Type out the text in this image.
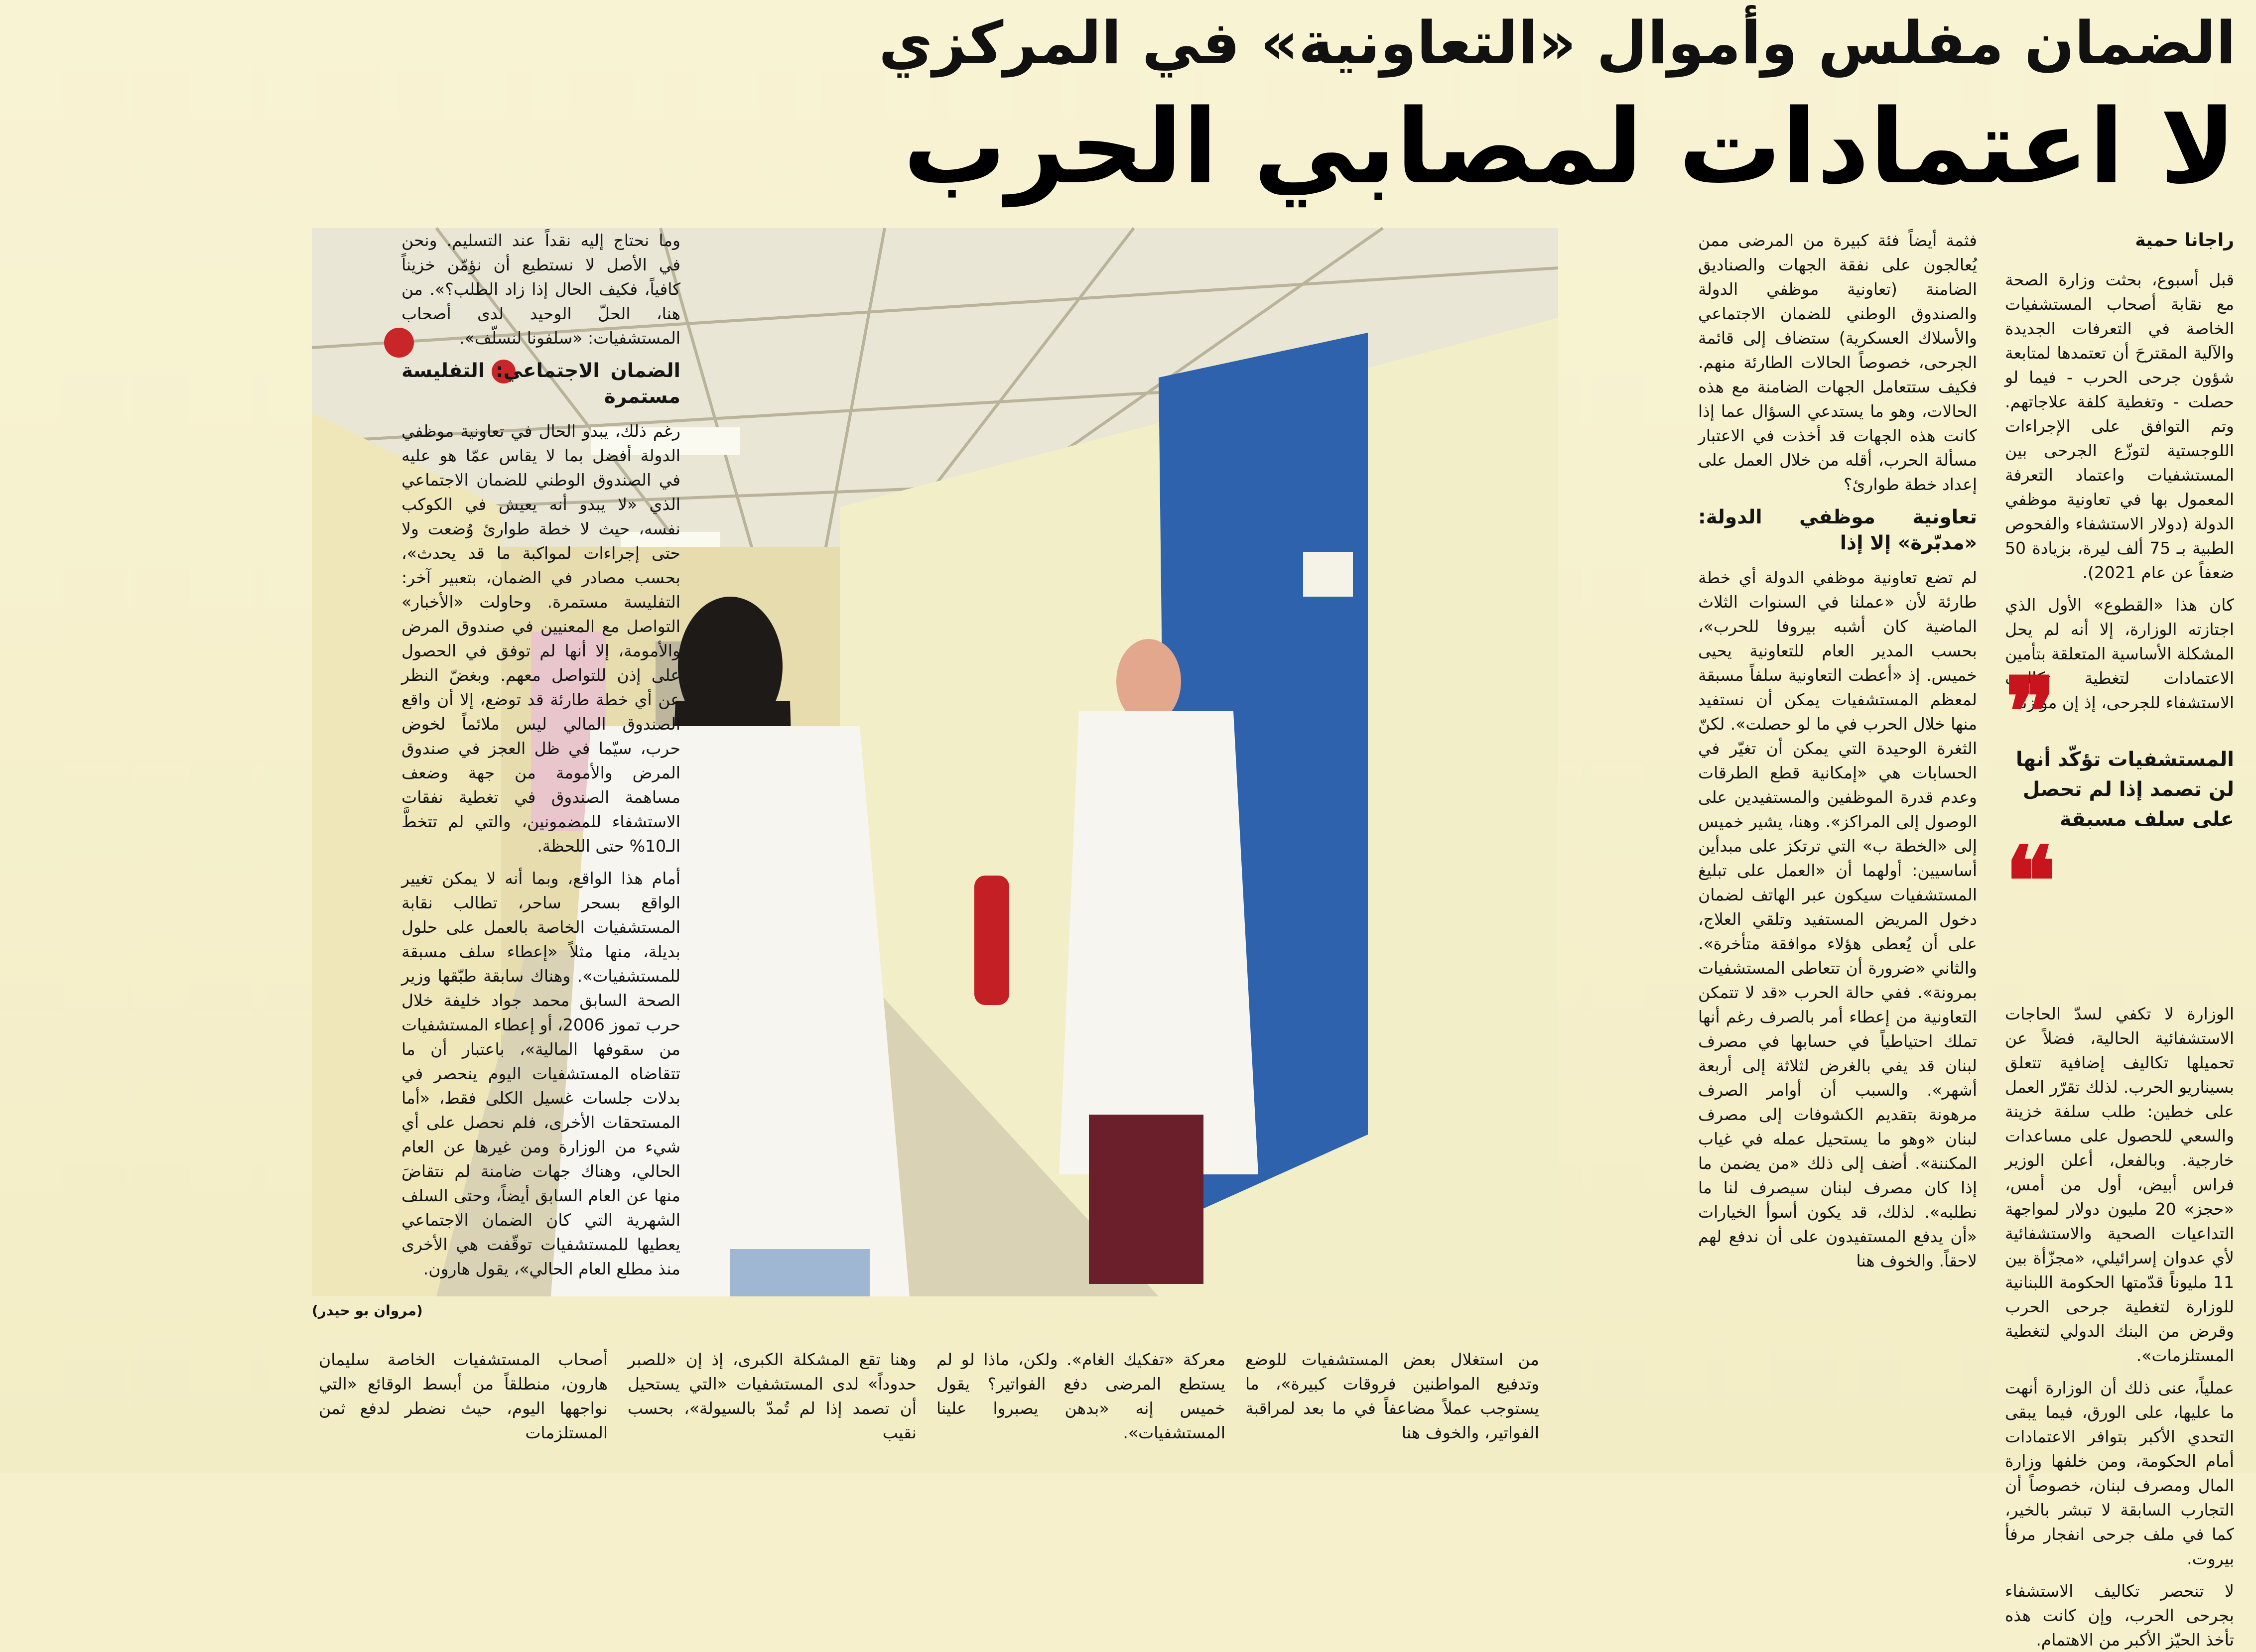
الضمان مفلس وأموال «التعاونية» في المركزي
لا اعتمادات لمصابي الحرب
راجانا حمية

قبل أسبوع، بحثت وزارة الصحة مع نقابة أصحاب المستشفيات الخاصة في التعرفات الجديدة والآلية المقترحَ أن تعتمدها لمتابعة شؤون جرحى الحرب - فيما لو حصلت - وتغطية كلفة علاجاتهم. وتم التوافق على الإجراءات اللوجستية لتوزّع الجرحى بين المستشفيات واعتماد التعرفة المعمول بها في تعاونية موظفي الدولة (دولار الاستشفاء والفحوص الطبية بـ 75 ألف ليرة، بزيادة 50 ضعفاً عن عام 2021).

كان هذا «القطوع» الأول الذي اجتازته الوزارة، إلا أنه لم يحل المشكلة الأساسية المتعلقة بتأمين الاعتمادات لتغطية تكاليف الاستشفاء للجرحى، إذ إن موازنة

الوزارة لا تكفي لسدّ الحاجات الاستشفائية الحالية، فضلاً عن تحميلها تكاليف إضافية تتعلق بسيناريو الحرب. لذلك تقرّر العمل على خطين: طلب سلفة خزينة والسعي للحصول على مساعدات خارجية. وبالفعل، أعلن الوزير فراس أبيض، أول من أمس، «حجز» 20 مليون دولار لمواجهة التداعيات الصحية والاستشفائية لأي عدوان إسرائيلي، «مجزّأة بين 11 مليوناً قدّمتها الحكومة اللبنانية للوزارة لتغطية جرحى الحرب وقرض من البنك الدولي لتغطية المستلزمات».

عملياً، عنى ذلك أن الوزارة أنهت ما عليها، على الورق، فيما يبقى التحدي الأكبر بتوافر الاعتمادات أمام الحكومة، ومن خلفها وزارة المال ومصرف لبنان، خصوصاً أن التجارب السابقة لا تبشر بالخير، كما في ملف جرحى انفجار مرفأ بيروت.

لا تنحصر تكاليف الاستشفاء بجرحى الحرب، وإن كانت هذه تأخذ الحيّز الأكبر من الاهتمام.

❞
المستشفيات تؤكّد أنها لن تصمد إذا لم تحصل على سلف مسبقة
❝

فثمة أيضاً فئة كبيرة من المرضى ممن يُعالجون على نفقة الجهات والصناديق الضامنة (تعاونية موظفي الدولة والصندوق الوطني للضمان الاجتماعي والأسلاك العسكرية) ستضاف إلى قائمة الجرحى، خصوصاً الحالات الطارئة منهم. فكيف ستتعامل الجهات الضامنة مع هذه الحالات، وهو ما يستدعي السؤال عما إذا كانت هذه الجهات قد أخذت في الاعتبار مسألة الحرب، أقله من خلال العمل على إعداد خطة طوارئ؟

تعاونية موظفي الدولة: «مدبّرة» إلا إذا

لم تضع تعاونية موظفي الدولة أي خطة طارئة لأن «عملنا في السنوات الثلاث الماضية كان أشبه بيروفا للحرب»، بحسب المدير العام للتعاونية يحيى خميس. إذ «أعطت التعاونية سلفاً مسبقة لمعظم المستشفيات يمكن أن نستفيد منها خلال الحرب في ما لو حصلت». لكنّ الثغرة الوحيدة التي يمكن أن تغيّر في الحسابات هي «إمكانية قطع الطرقات وعدم قدرة الموظفين والمستفيدين على الوصول إلى المراكز». وهنا، يشير خميس إلى «الخطة ب» التي ترتكز على مبدأين أساسيين: أولهما أن «العمل على تبليغ المستشفيات سيكون عبر الهاتف لضمان دخول المريض المستفيد وتلقي العلاج، على أن يُعطى هؤلاء موافقة متأخرة». والثاني «ضرورة أن تتعاطى المستشفيات بمرونة». ففي حالة الحرب «قد لا تتمكن التعاونية من إعطاء أمر بالصرف رغم أنها تملك احتياطياً في حسابها في مصرف لبنان قد يفي بالغرض لثلاثة إلى أربعة أشهر». والسبب أن أوامر الصرف مرهونة بتقديم الكشوفات إلى مصرف لبنان «وهو ما يستحيل عمله في غياب المكننة». أضف إلى ذلك «من يضمن ما إذا كان مصرف لبنان سيصرف لنا ما نطلبه». لذلك، قد يكون أسوأ الخيارات «أن يدفع المستفيدون على أن ندفع لهم لاحقاً. والخوف هنا

(مروان بو حيدر)

وما نحتاج إليه نقداً عند التسليم. ونحن في الأصل لا نستطيع أن نؤمّن خزيناً كافياً، فكيف الحال إذا زاد الطلب؟». من هنا، الحلّ الوحيد لدى أصحاب المستشفيات: «سلفونا لنسلّف».

الضمان الاجتماعي: التفليسة مستمرة

رغم ذلك، يبدو الحال في تعاونية موظفي الدولة أفضل بما لا يقاس عمّا هو عليه في الصندوق الوطني للضمان الاجتماعي الذي «لا يبدو أنه يعيش في الكوكب نفسه، حيث لا خطة طوارئ وُضعت ولا حتى إجراءات لمواكبة ما قد يحدث»، بحسب مصادر في الضمان، بتعبير آخر: التفليسة مستمرة. وحاولت «الأخبار» التواصل مع المعنيين في صندوق المرض والأمومة، إلا أنها لم توفق في الحصول على إذن للتواصل معهم. وبغضّ النظر عن أي خطة طارئة قد توضع، إلا أن واقع الصندوق المالي ليس ملائماً لخوض حرب، سيّما في ظل العجز في صندوق المرض والأمومة من جهة وضعف مساهمة الصندوق في تغطية نفقات الاستشفاء للمضمونين، والتي لم تتخطَّ الـ10% حتى اللحظة.

أمام هذا الواقع، وبما أنه لا يمكن تغيير الواقع بسحر ساحر، تطالب نقابة المستشفيات الخاصة بالعمل على حلول بديلة، منها مثلاً «إعطاء سلف مسبقة للمستشفيات». وهناك سابقة طبّقها وزير الصحة السابق محمد جواد خليفة خلال حرب تموز 2006، أو إعطاء المستشفيات من سقوفها المالية»، باعتبار أن ما تتقاضاه المستشفيات اليوم ينحصر في بدلات جلسات غسيل الكلى فقط، «أما المستحقات الأخرى، فلم نحصل على أي شيء من الوزارة ومن غيرها عن العام الحالي، وهناك جهات ضامنة لم نتقاضَ منها عن العام السابق أيضاً، وحتى السلف الشهرية التي كان الضمان الاجتماعي يعطيها للمستشفيات توقّفت هي الأخرى منذ مطلع العام الحالي»، يقول هارون.

من استغلال بعض المستشفيات للوضع وتدفيع المواطنين فروقات كبيرة»، ما يستوجب عملاً مضاعفاً في ما بعد لمراقبة الفواتير، والخوف هنا
معركة «تفكيك الغام». ولكن، ماذا لو لم يستطع المرضى دفع الفواتير؟ يقول خميس إنه «بدهن يصبروا علينا المستشفيات».
وهنا تقع المشكلة الكبرى، إذ إن «للصبر حدوداً» لدى المستشفيات «التي يستحيل أن تصمد إذا لم تُمدّ بالسيولة»، بحسب نقيب
أصحاب المستشفيات الخاصة سليمان هارون، منطلقاً من أبسط الوقائع «التي نواجهها اليوم، حيث نضطر لدفع ثمن المستلزمات
